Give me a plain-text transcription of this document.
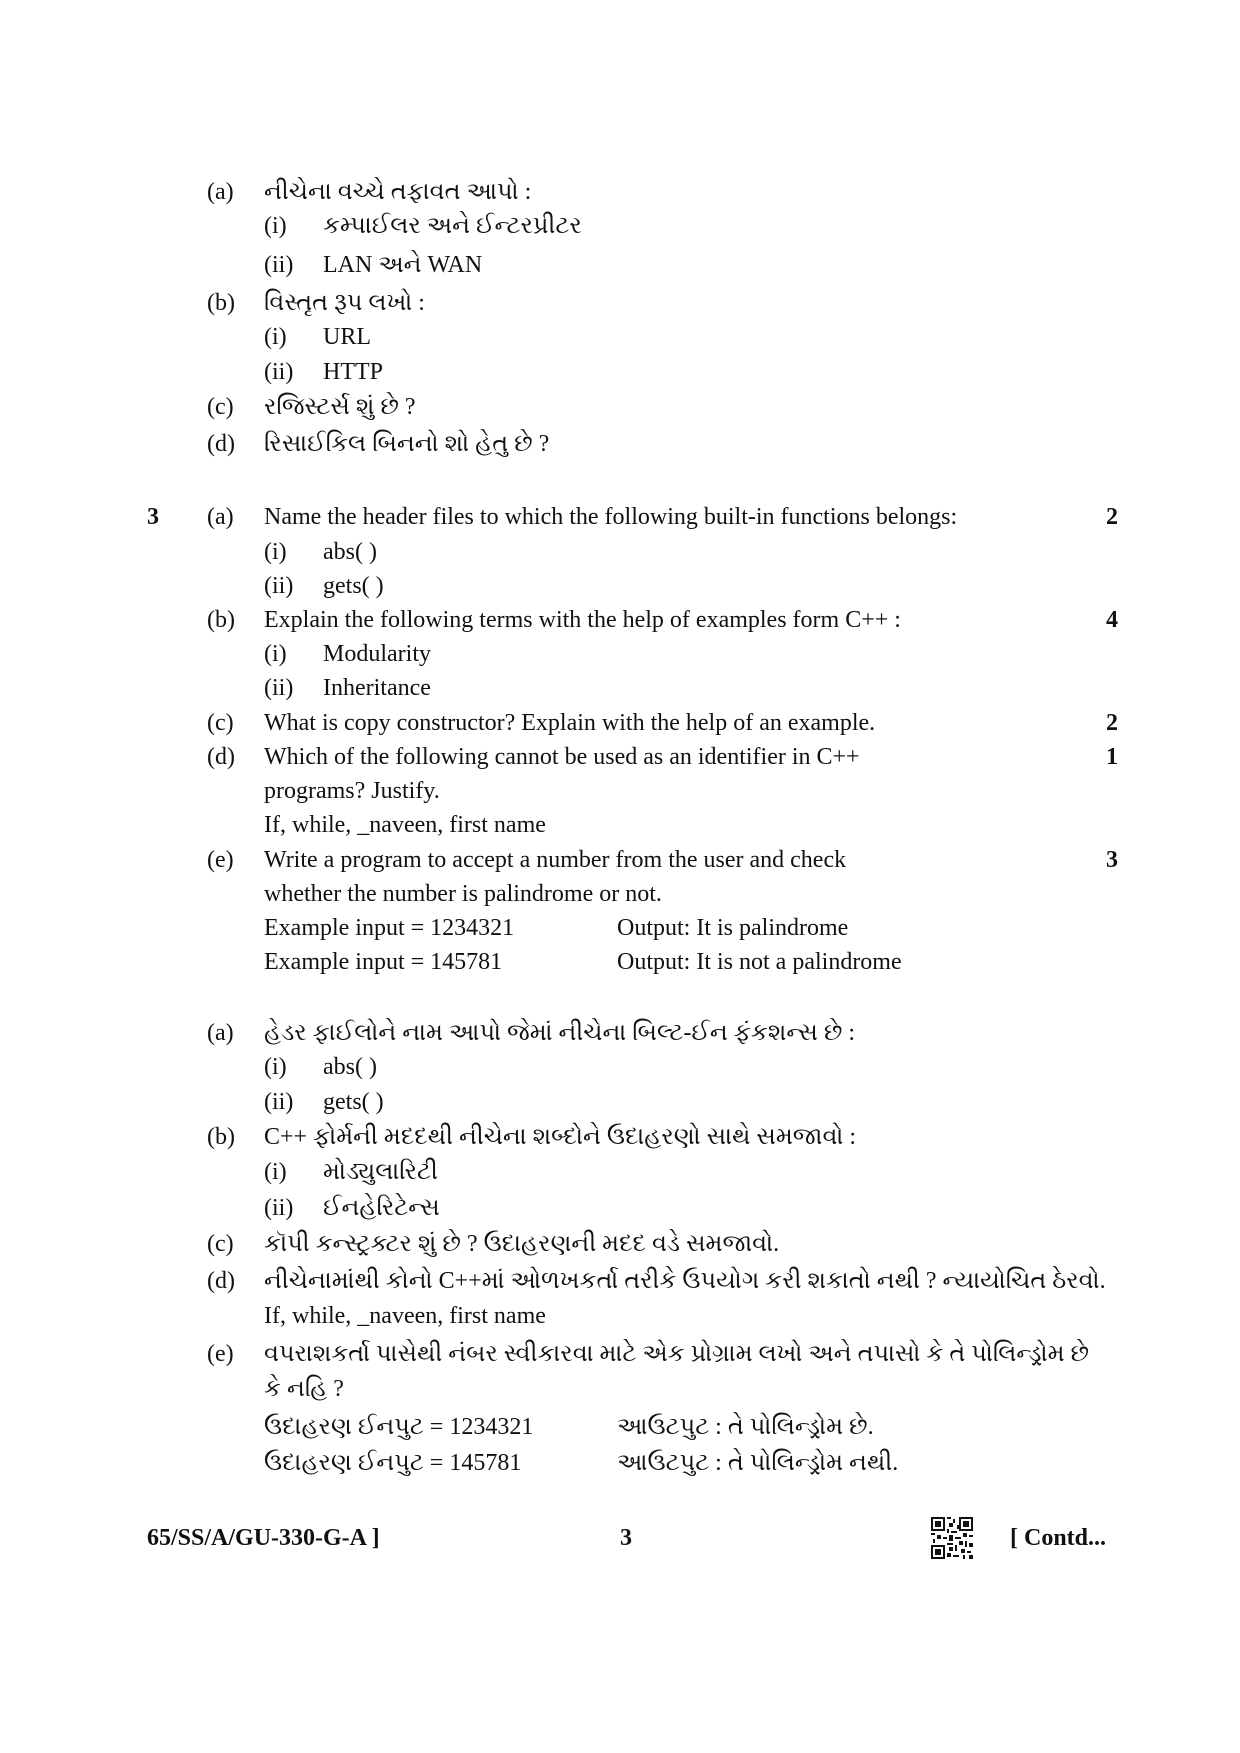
(a) નીચેના વચ્ચે તફાવત આપો :
(i) કમ્પાઈલર અને ઈન્ટરપ્રીટર
(ii) LAN અને WAN
(b) વિસ્તૃત રૂપ લખો :
(i) URL
(ii) HTTP
(c) રજિસ્ટર્સ શું છે ?
(d) રિસાઈકિલ બિનનો શો હેતુ છે ?
3 (a) Name the header files to which the following built-in functions belongs:	2
(i) abs( )
(ii) gets( )
(b) Explain the following terms with the help of examples form C++ :	4
(i) Modularity
(ii) Inheritance
(c) What is copy constructor? Explain with the help of an example.	2
(d) Which of the following cannot be used as an identifier in C++	1
programs? Justify.
If, while, _naveen, first name
(e) Write a program to accept a number from the user and check	3
whether the number is palindrome or not.
Example input = 1234321	Output: It is palindrome
Example input = 145781	Output: It is not a palindrome
(a) હેડર ફાઈલોને નામ આપો જેમાં નીચેના બિલ્ટ-ઈન ફંકશન્સ છે :
(i) abs( )
(ii) gets( )
(b) C++ ફોર્મની મદદથી નીચેના શબ્દોને ઉદાહરણો સાથે સમજાવો :
(i) મોડ્યુલારિટી
(ii) ઈનહેરિટેન્સ
(c) કૉપી કન્સ્ટ્રક્ટર શું છે ? ઉદાહરણની મદદ વડે સમજાવો.
(d) નીચેનામાંથી કોનો C++માં ઓળખકર્તા તરીકે ઉપયોગ કરી શકાતો નથી ? ન્યાયોચિત ઠેરવો.
If, while, _naveen, first name
(e) વપરાશકર્તા પાસેથી નંબર સ્વીકારવા માટે એક પ્રોગ્રામ લખો અને તપાસો કે તે પોલિન્ડ્રોમ છે
કે નહિ ?
ઉદાહરણ ઈનપુટ = 1234321	આઉટપુટ : તે પોલિન્ડ્રોમ છે.
ઉદાહરણ ઈનપુટ = 145781	આઉટપુટ : તે પોલિન્ડ્રોમ નથી.
65/SS/A/GU-330-G-A ]	3	[ Contd...
